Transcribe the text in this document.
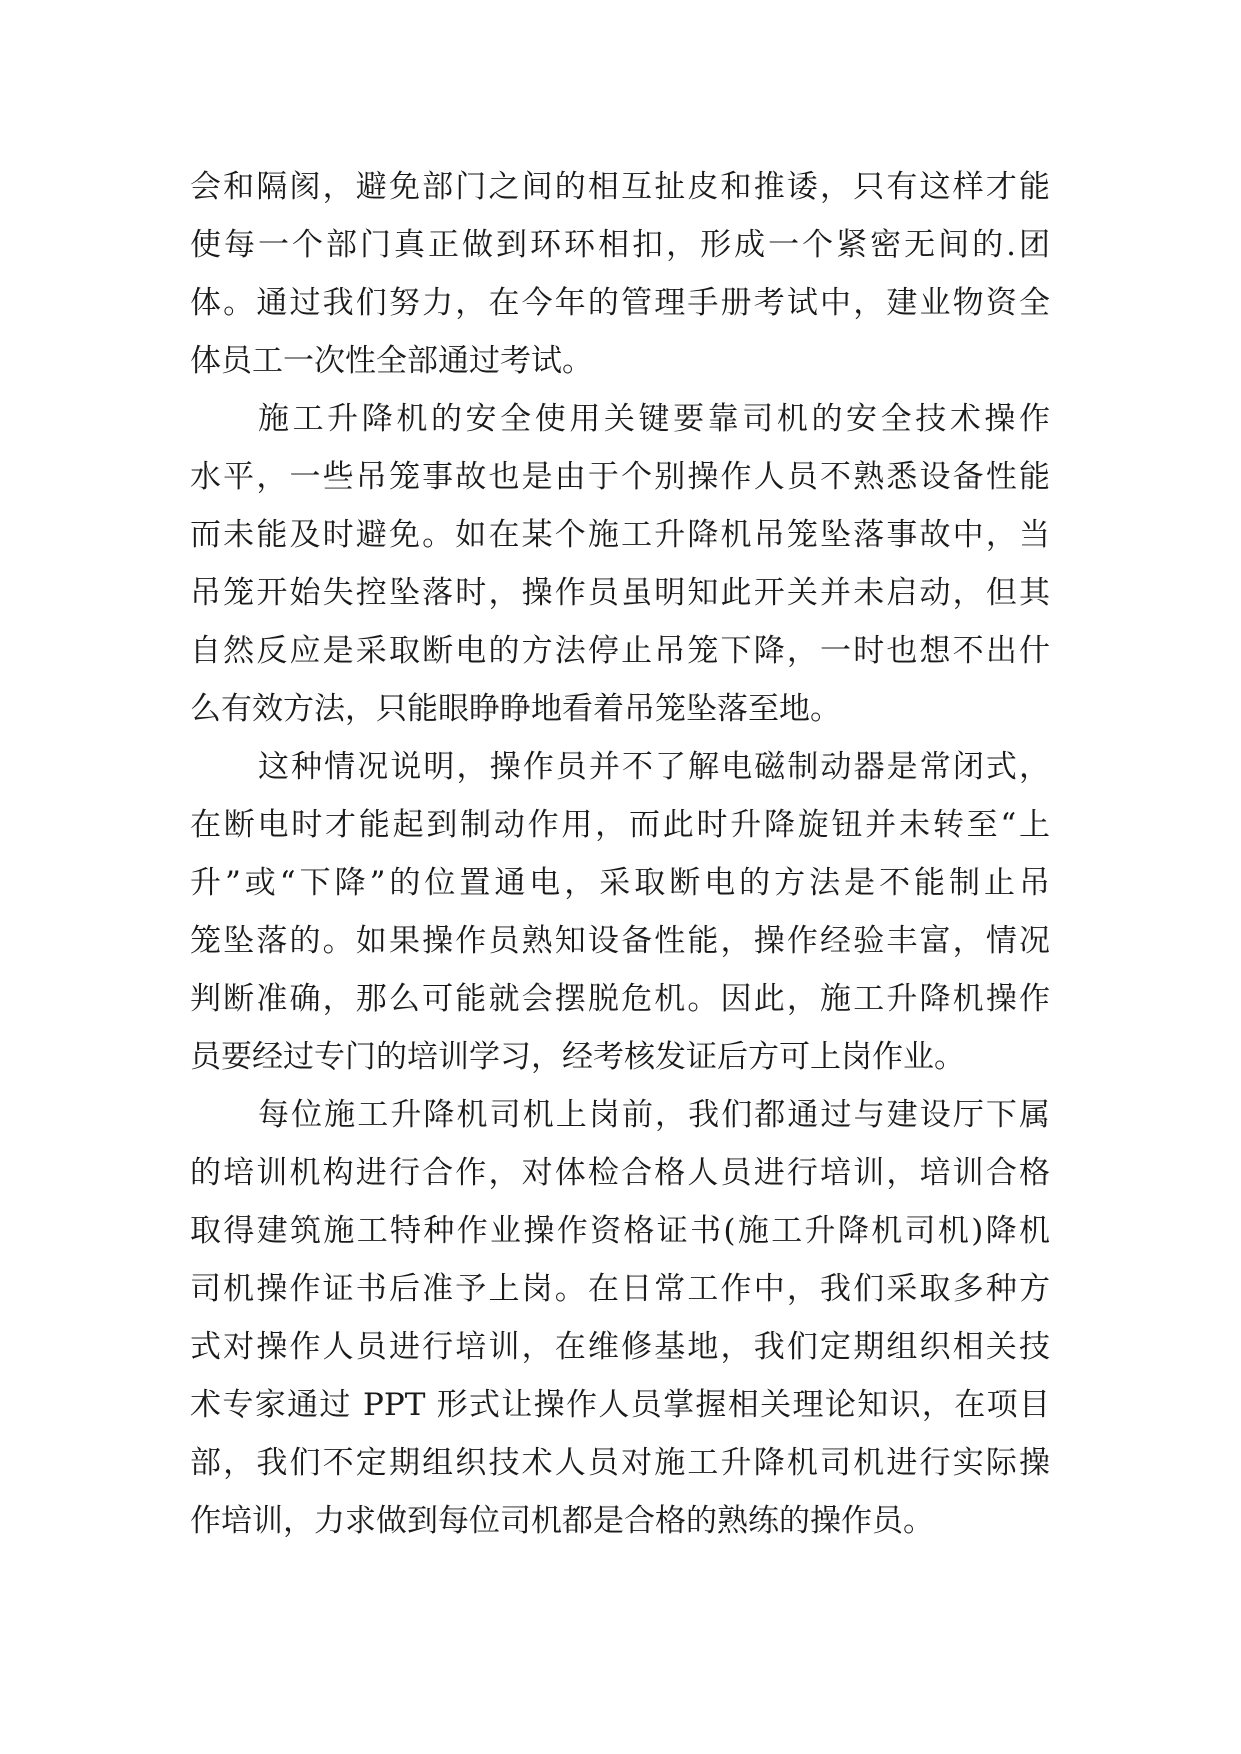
会和隔阂，避免部门之间的相互扯皮和推诿，只有这样才能
使每一个部门真正做到环环相扣，形成一个紧密无间的.团
体。通过我们努力，在今年的管理手册考试中，建业物资全
体员工一次性全部通过考试。
施工升降机的安全使用关键要靠司机的安全技术操作
水平，一些吊笼事故也是由于个别操作人员不熟悉设备性能
而未能及时避免。如在某个施工升降机吊笼坠落事故中，当
吊笼开始失控坠落时，操作员虽明知此开关并未启动，但其
自然反应是采取断电的方法停止吊笼下降，一时也想不出什
么有效方法，只能眼睁睁地看着吊笼坠落至地。
这种情况说明，操作员并不了解电磁制动器是常闭式，
在断电时才能起到制动作用，而此时升降旋钮并未转至“上
升”或“下降”的位置通电，采取断电的方法是不能制止吊
笼坠落的。如果操作员熟知设备性能，操作经验丰富，情况
判断准确，那么可能就会摆脱危机。因此，施工升降机操作
员要经过专门的培训学习，经考核发证后方可上岗作业。
每位施工升降机司机上岗前，我们都通过与建设厅下属
的培训机构进行合作，对体检合格人员进行培训，培训合格
取得建筑施工特种作业操作资格证书(施工升降机司机)降机
司机操作证书后准予上岗。在日常工作中，我们采取多种方
式对操作人员进行培训，在维修基地，我们定期组织相关技
术专家通过 PPT 形式让操作人员掌握相关理论知识，在项目
部，我们不定期组织技术人员对施工升降机司机进行实际操
作培训，力求做到每位司机都是合格的熟练的操作员。
